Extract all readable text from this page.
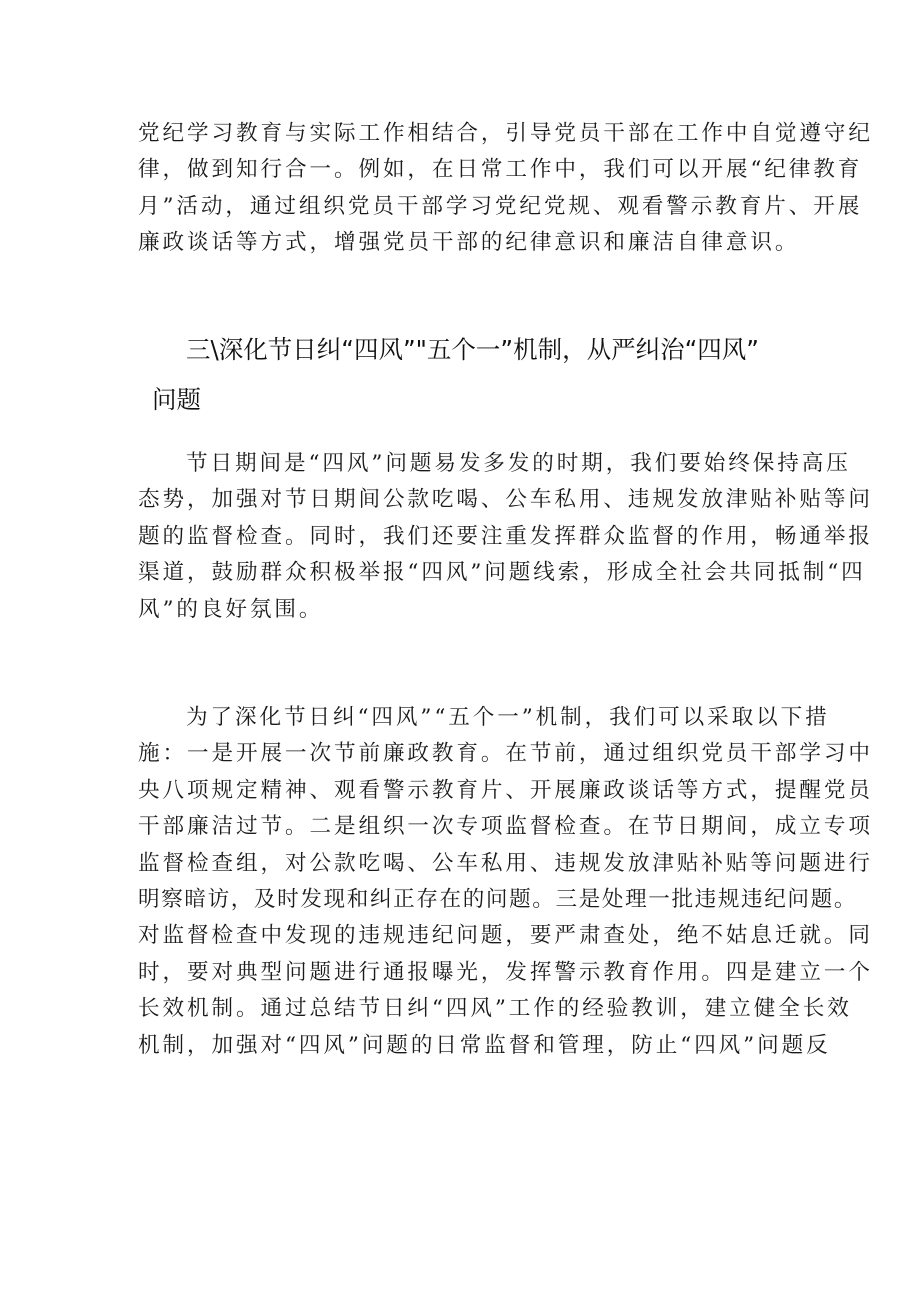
党纪学习教育与实际工作相结合，引导党员干部在工作中自觉遵守纪
律，做到知行合一。例如，在日常工作中，我们可以开展“纪律教育
月”活动，通过组织党员干部学习党纪党规、观看警示教育片、开展
廉政谈话等方式，增强党员干部的纪律意识和廉洁自律意识。
三\深化节日纠“四风”"五个一”机制，从严纠治“四风”
问题
节日期间是“四风”问题易发多发的时期，我们要始终保持高压
态势，加强对节日期间公款吃喝、公车私用、违规发放津贴补贴等问
题的监督检查。同时，我们还要注重发挥群众监督的作用，畅通举报
渠道，鼓励群众积极举报“四风”问题线索，形成全社会共同抵制“四
风”的良好氛围。
为了深化节日纠“四风”“五个一”机制，我们可以采取以下措
施：一是开展一次节前廉政教育。在节前，通过组织党员干部学习中
央八项规定精神、观看警示教育片、开展廉政谈话等方式，提醒党员
干部廉洁过节。二是组织一次专项监督检查。在节日期间，成立专项
监督检查组，对公款吃喝、公车私用、违规发放津贴补贴等问题进行
明察暗访，及时发现和纠正存在的问题。三是处理一批违规违纪问题。
对监督检查中发现的违规违纪问题，要严肃查处，绝不姑息迁就。同
时，要对典型问题进行通报曝光，发挥警示教育作用。四是建立一个
长效机制。通过总结节日纠“四风”工作的经验教训，建立健全长效
机制，加强对“四风”问题的日常监督和管理，防止“四风”问题反
